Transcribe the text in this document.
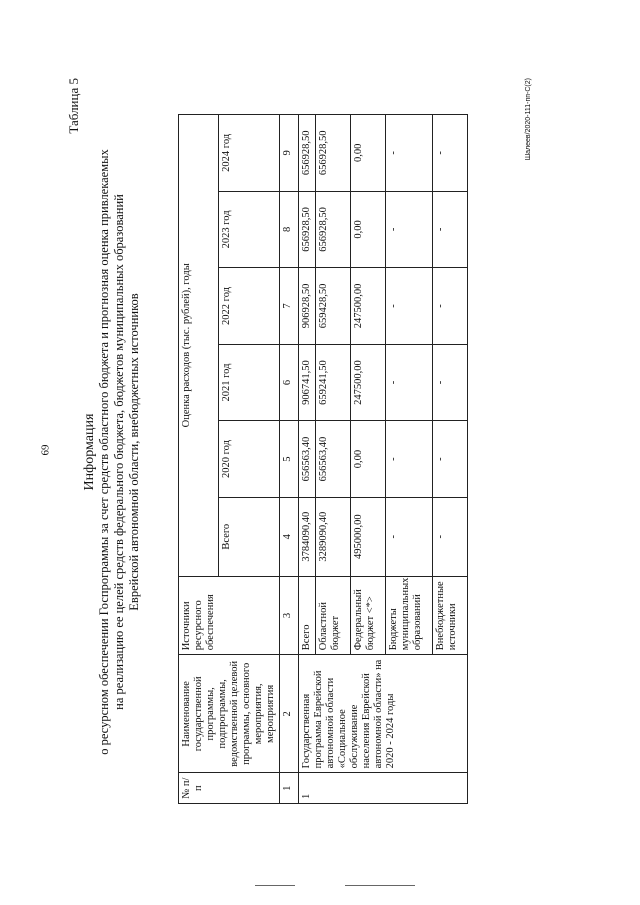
69
Таблица 5
Информация о ресурсном обеспечении Госпрограммы за счет средств областного бюджета и прогнозная оценка привлекаемых на реализацию ее целей средств федерального бюджета, бюджетов муниципальных образований Еврейской автономной области, внебюджетных источников
№ п/п	Наименование государственной программы, подпрограммы, ведомственной целевой программы, основного мероприятия, мероприятия	Источники ресурсного обеспечения	Оценка расходов (тыс. рублей), годы					
			Всего	2020 год	2021 год	2022 год	2023 год	2024 год
1	2	3	4	5	6	7	8	9
1	Государственная программа Еврейской автономной области «Социальное обслуживание населения Еврейской автономной области» на 2020 - 2024 годы	Всего	3784090,40	656563,40	906741,50	906928,50	656928,50	656928,50
		Областной бюджет	3289090,40	656563,40	659241,50	659428,50	656928,50	656928,50
		Федеральный бюджет <*>	495000,00	0,00	247500,00	247500,00	0,00	0,00
		Бюджеты муниципальных образований	-	-	-	-	-	-
		Внебюджетные источники	-	-	-	-	-	-	Шалеев/2020-111-пп-С(2)
